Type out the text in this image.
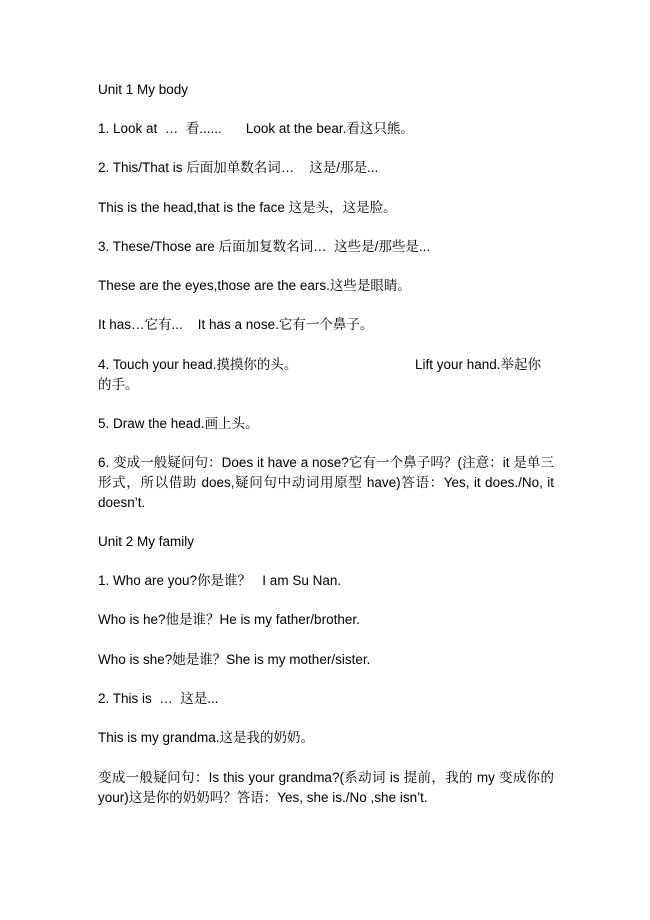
Unit 1 My body
1. Look at  …  看...... Look at the bear.看这只熊。
2. This/That is 后面加单数名词…    这是/那是...
This is the head,that is the face 这是头，这是脸。
3. These/Those are 后面加复数名词…  这些是/那些是...
These are the eyes,those are the ears.这些是眼睛。
It has…它有...    It has a nose.它有一个鼻子。
4. Touch your head.摸摸你的头。	Lift your hand.举起你
的手。
5. Draw the head.画上头。
6. 变成一般疑问句：Does it have a nose?它有一个鼻子吗？(注意：it 是单三形式，所以借助 does,疑问句中动词用原型 have)答语：Yes, it does./No, it doesn’t.
Unit 2 My family
1. Who are you?你是谁？   I am Su Nan.
Who is he?他是谁？He is my father/brother.
Who is she?她是谁？She is my mother/sister.
2. This is  …  这是...
This is my grandma.这是我的奶奶。
变成一般疑问句：Is this your grandma?(系动词 is 提前，我的 my 变成你的 your)这是你的奶奶吗？答语：Yes, she is./No ,she isn’t.
